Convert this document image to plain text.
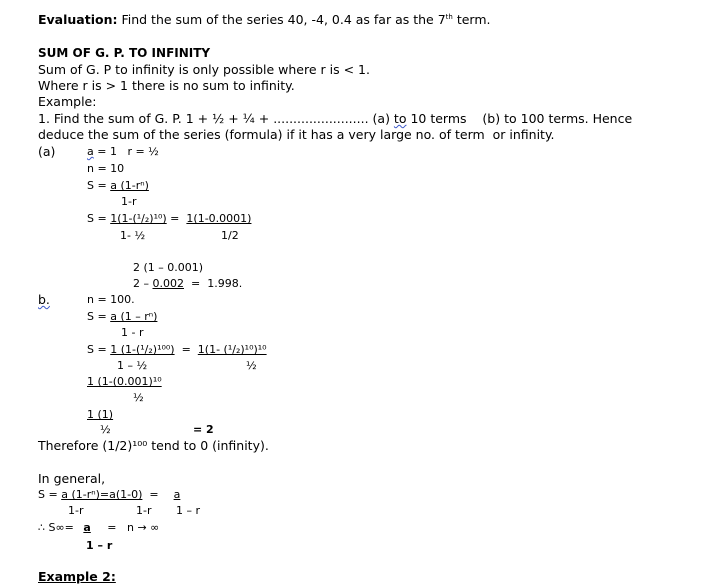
Evaluation: Find the sum of the series 40, -4, 0.4 as far as the 7th term.
SUM OF G. P. TO INFINITY
Sum of G. P to infinity is only possible where r is < 1.
Where r is > 1 there is no sum to infinity.
Example:
1. Find the sum of G. P. 1 + ½ + ¼ + ........................ (a) to 10 terms    (b) to 100 terms. Hence
deduce the sum of the series (formula) if it has a very large no. of term  or infinity.
(a)	a = 1   r = ½
n = 10
S = a (1-rⁿ)
1-r
S = 1(1-(¹/₂)¹⁰) =  1(1-0.0001)
1- ½	1/2
2 (1 – 0.001)
2 – 0.002  =  1.998.
b.	n = 100.
S = a (1 – rⁿ)
1 - r
S = 1 (1-(¹/₂)¹⁰⁰)  =  1(1- (¹/₂)¹⁰)¹⁰
1 – ½	½
1 (1-(0.001)¹⁰
½
1 (1)
½	= 2
Therefore (1/2)¹⁰⁰ tend to 0 (infinity).
In general,
S = a (1-rⁿ)=a(1-0)  =  a
1-r	1-r 1 – r
∴ S∞= a   =   n → ∞
1 – r
Example 2:
